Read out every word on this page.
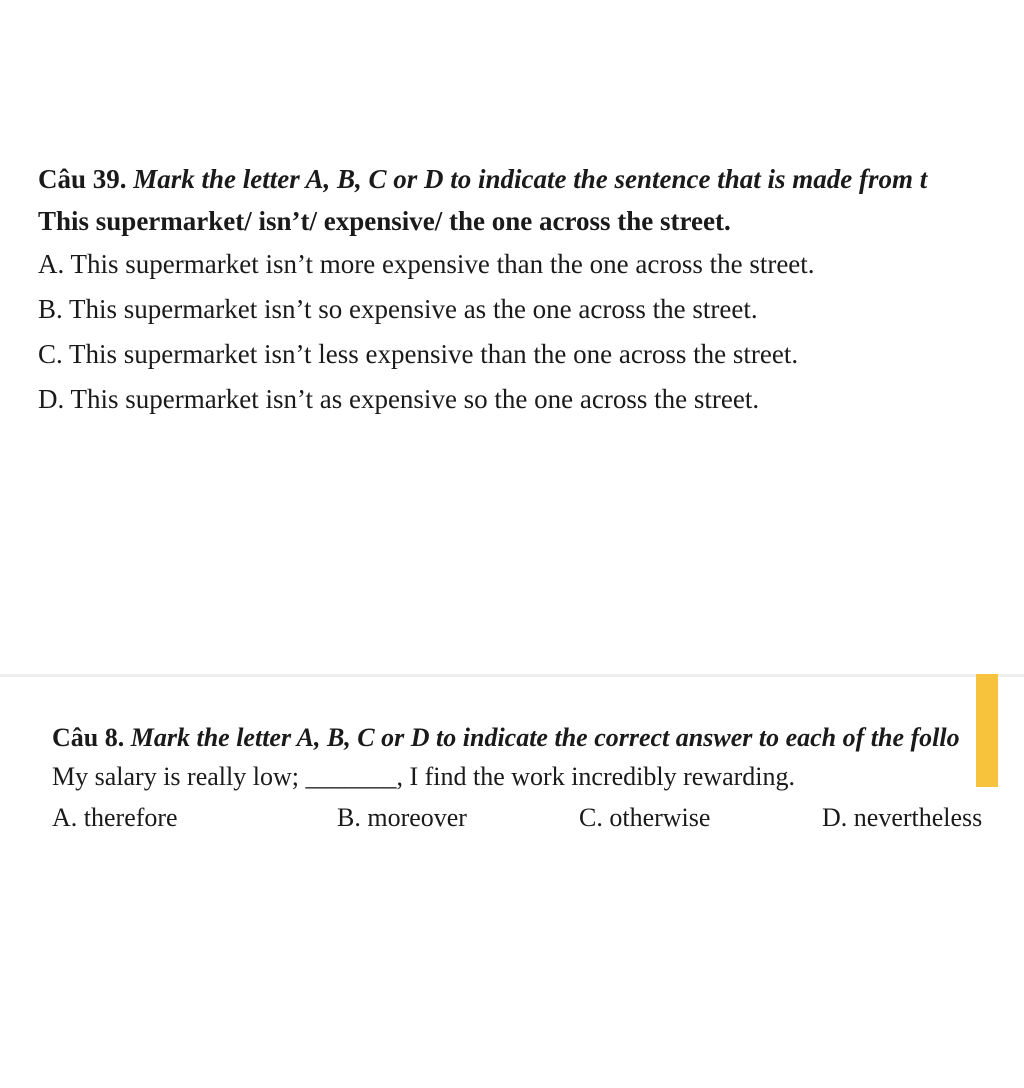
Câu 39. Mark the letter A, B, C or D to indicate the sentence that is made from t
This supermarket/ isn’t/ expensive/ the one across the street.
A. This supermarket isn’t more expensive than the one across the street.
B. This supermarket isn’t so expensive as the one across the street.
C. This supermarket isn’t less expensive than the one across the street.
D. This supermarket isn’t as expensive so the one across the street.
Câu 8. Mark the letter A, B, C or D to indicate the correct answer to each of the follo
My salary is really low; _______, I find the work incredibly rewarding.
A. therefore	B. moreover	C. otherwise	D. nevertheless
